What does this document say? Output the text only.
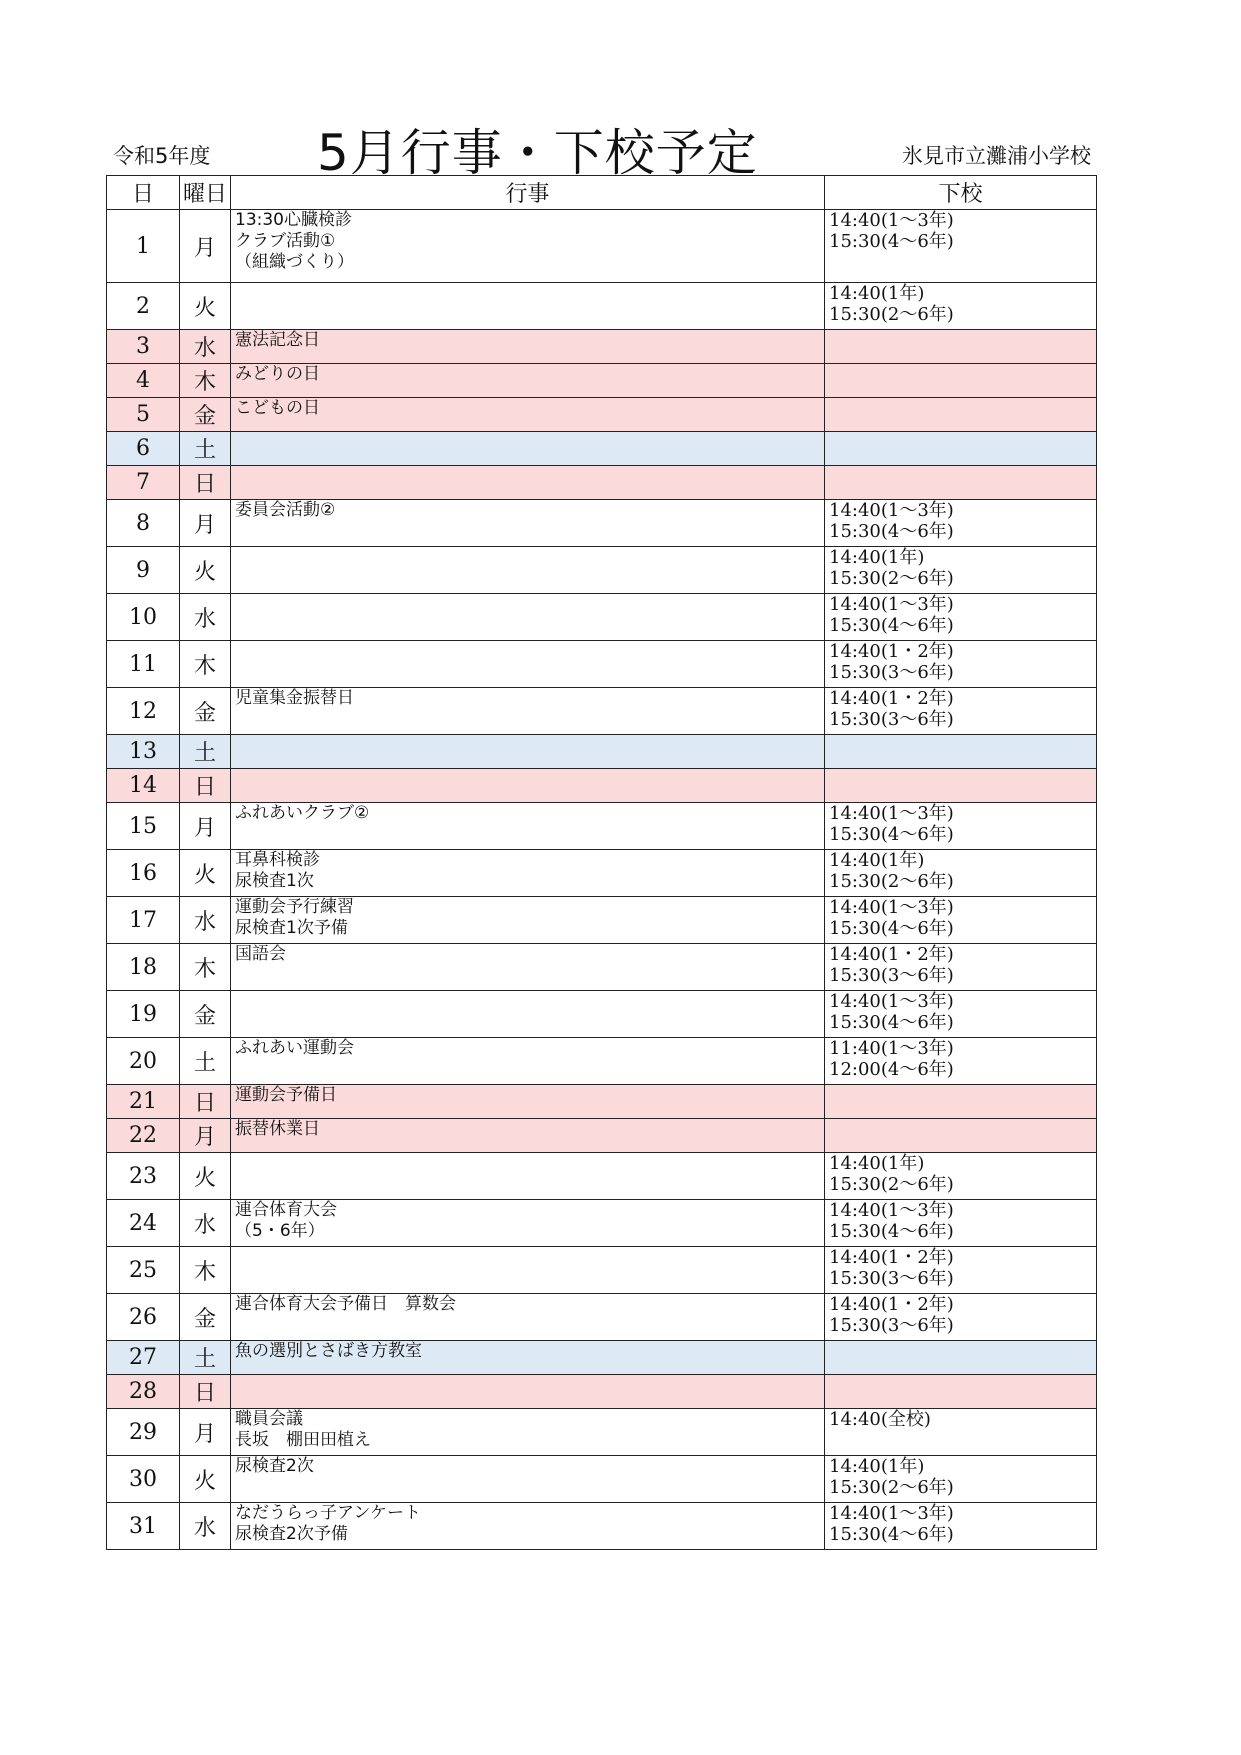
令和5年度 5月行事・下校予定	氷見市立灘浦小学校
日	曜日	行事	下校
1	月	13:30心臓検診
クラブ活動①
（組織づくり）	14:40(1～3年)
15:30(4～6年)
2	火		14:40(1年)
15:30(2～6年)
3	水	憲法記念日	
4	木	みどりの日	
5	金	こどもの日	
6	土		
7	日		
8	月	委員会活動②	14:40(1～3年)
15:30(4～6年)
9	火		14:40(1年)
15:30(2～6年)
10	水		14:40(1～3年)
15:30(4～6年)
11	木		14:40(1・2年)
15:30(3～6年)
12	金	児童集金振替日	14:40(1・2年)
15:30(3～6年)
13	土		
14	日		
15	月	ふれあいクラブ②	14:40(1～3年)
15:30(4～6年)
16	火	耳鼻科検診
尿検査1次	14:40(1年)
15:30(2～6年)
17	水	運動会予行練習
尿検査1次予備	14:40(1～3年)
15:30(4～6年)
18	木	国語会	14:40(1・2年)
15:30(3～6年)
19	金		14:40(1～3年)
15:30(4～6年)
20	土	ふれあい運動会	11:40(1～3年)
12:00(4～6年)
21	日	運動会予備日	
22	月	振替休業日	
23	火		14:40(1年)
15:30(2～6年)
24	水	連合体育大会
（5・6年）	14:40(1～3年)
15:30(4～6年)
25	木		14:40(1・2年)
15:30(3～6年)
26	金	連合体育大会予備日　算数会	14:40(1・2年)
15:30(3～6年)
27	土	魚の選別とさばき方教室	
28	日		
29	月	職員会議
長坂　棚田田植え	14:40(全校)
30	火	尿検査2次	14:40(1年)
15:30(2～6年)
31	水	なだうらっ子アンケート
尿検査2次予備	14:40(1～3年)
15:30(4～6年)
